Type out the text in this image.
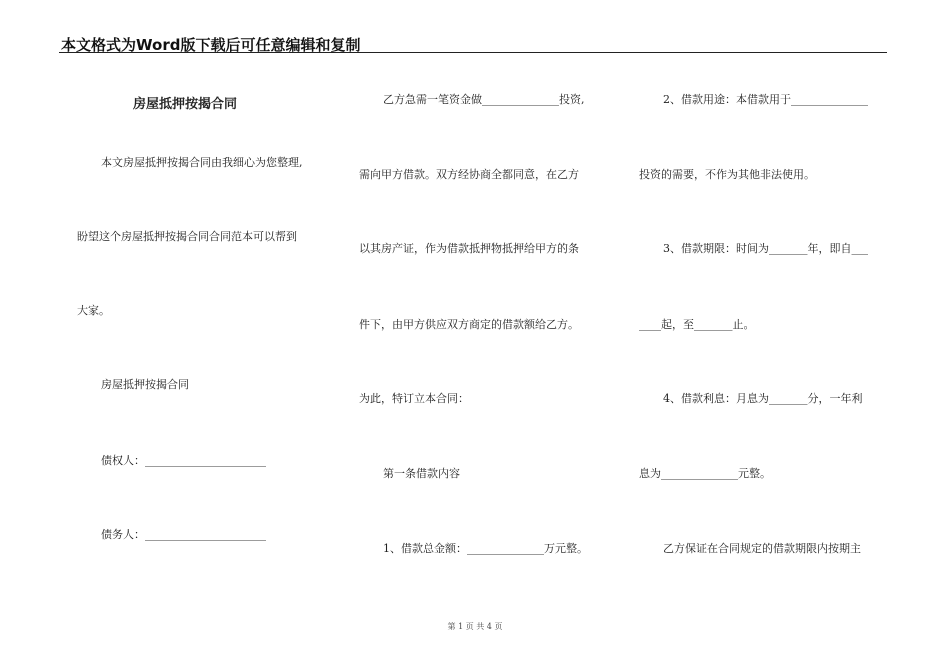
本文格式为Word版下载后可任意编辑和复制
房屋抵押按揭合同
本文房屋抵押按揭合同由我细心为您整理,
盼望这个房屋抵押按揭合同合同范本可以帮到
大家。
房屋抵押按揭合同
债权人：______________________
债务人：______________________
乙方急需一笔资金做______________投资,
需向甲方借款。双方经协商全都同意，在乙方
以其房产证，作为借款抵押物抵押给甲方的条
件下，由甲方供应双方商定的借款额给乙方。
为此，特订立本合同：
第一条借款内容
1、借款总金额：______________万元整。
2、借款用途：本借款用于______________
投资的需要，不作为其他非法使用。
3、借款期限：时间为_______年，即自___
____起，至_______止。
4、借款利息：月息为_______分，一年利
息为______________元整。
乙方保证在合同规定的借款期限内按期主
第 1 页 共 4 页
